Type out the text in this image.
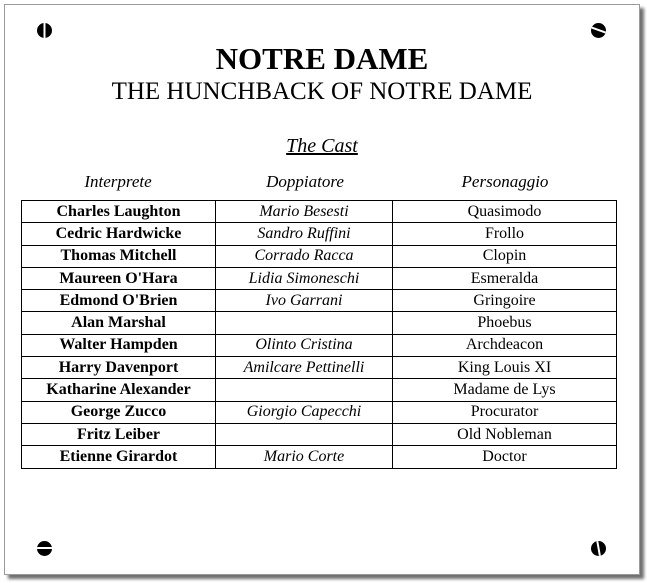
NOTRE DAME
THE HUNCHBACK OF NOTRE DAME
The Cast
Interprete	Doppiatore	Personaggio
Charles Laughton	Mario Besesti	Quasimodo
Cedric Hardwicke	Sandro Ruffini	Frollo
Thomas Mitchell	Corrado Racca	Clopin
Maureen O'Hara	Lidia Simoneschi	Esmeralda
Edmond O'Brien	Ivo Garrani	Gringoire
Alan Marshal		Phoebus
Walter Hampden	Olinto Cristina	Archdeacon
Harry Davenport	Amilcare Pettinelli	King Louis XI
Katharine Alexander		Madame de Lys
George Zucco	Giorgio Capecchi	Procurator
Fritz Leiber		Old Nobleman
Etienne Girardot	Mario Corte	Doctor
